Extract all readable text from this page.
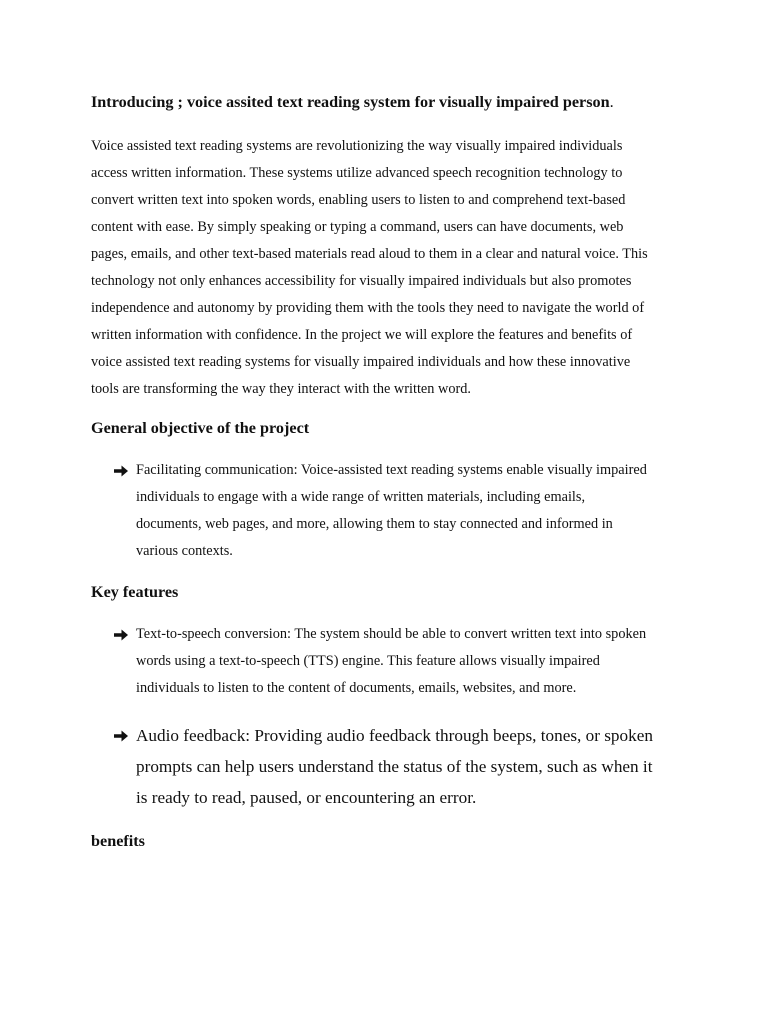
Introducing ; voice assited text reading system for visually impaired person.

Voice assisted text reading systems are revolutionizing the way visually impaired individuals
access written information. These systems utilize advanced speech recognition technology to
convert written text into spoken words, enabling users to listen to and comprehend text-based
content with ease. By simply speaking or typing a command, users can have documents, web
pages, emails, and other text-based materials read aloud to them in a clear and natural voice. This
technology not only enhances accessibility for visually impaired individuals but also promotes
independence and autonomy by providing them with the tools they need to navigate the world of
written information with confidence. In the project we will explore the features and benefits of
voice assisted text reading systems for visually impaired individuals and how these innovative
tools are transforming the way they interact with the written word.

General objective of the project

Facilitating communication: Voice-assisted text reading systems enable visually impaired
individuals to engage with a wide range of written materials, including emails,
documents, web pages, and more, allowing them to stay connected and informed in
various contexts.

Key features

Text-to-speech conversion: The system should be able to convert written text into spoken
words using a text-to-speech (TTS) engine. This feature allows visually impaired
individuals to listen to the content of documents, emails, websites, and more.

Audio feedback: Providing audio feedback through beeps, tones, or spoken
prompts can help users understand the status of the system, such as when it
is ready to read, paused, or encountering an error.

benefits
